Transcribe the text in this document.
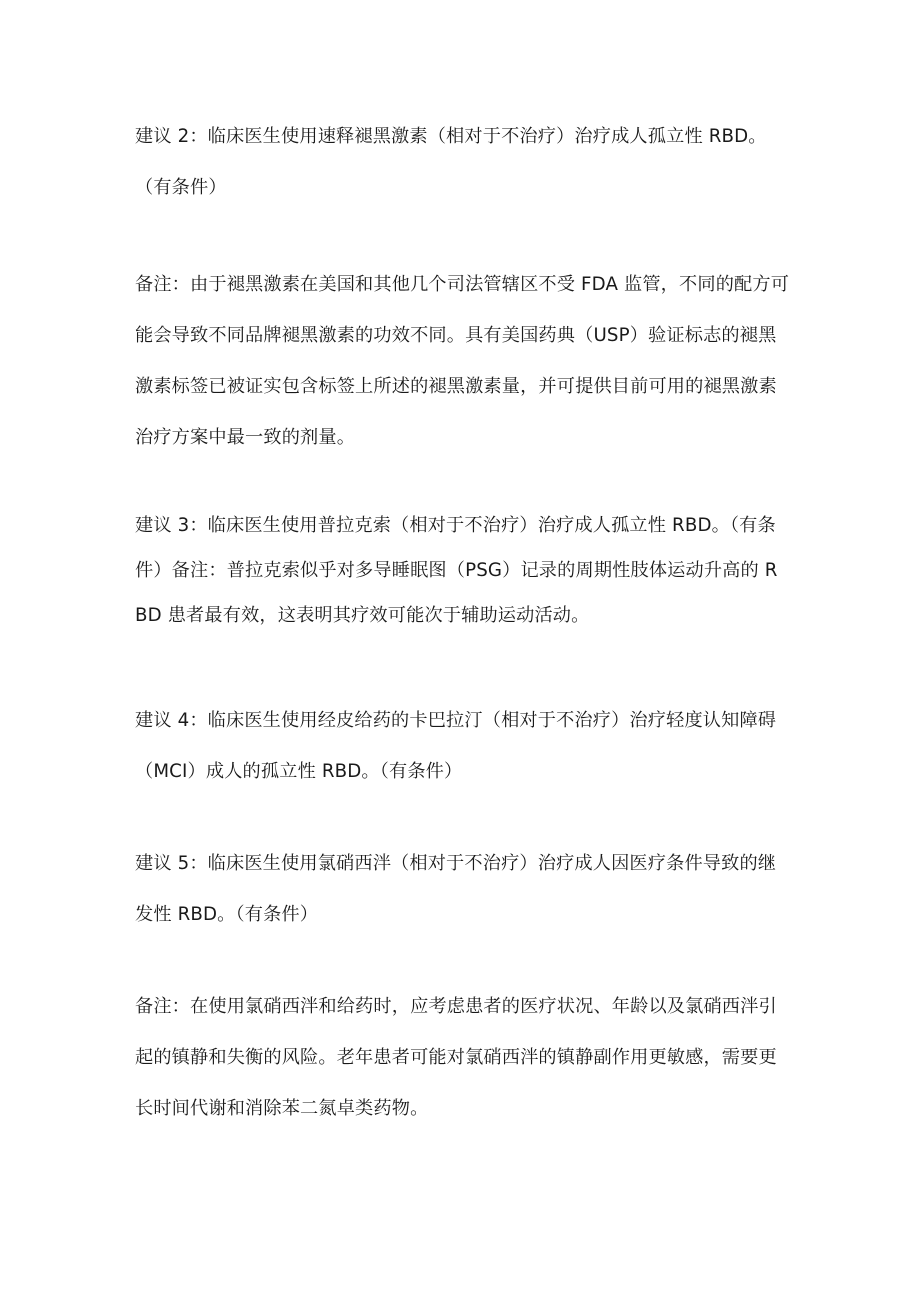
建议 2：临床医生使用速释褪黑激素（相对于不治疗）治疗成人孤立性 RBD。（有条件）

备注：由于褪黑激素在美国和其他几个司法管辖区不受 FDA 监管，不同的配方可能会导致不同品牌褪黑激素的功效不同。具有美国药典（USP）验证标志的褪黑激素标签已被证实包含标签上所述的褪黑激素量，并可提供目前可用的褪黑激素治疗方案中最一致的剂量。

建议 3：临床医生使用普拉克索（相对于不治疗）治疗成人孤立性 RBD。（有条件）备注：普拉克索似乎对多导睡眠图（PSG）记录的周期性肢体运动升高的 RBD 患者最有效，这表明其疗效可能次于辅助运动活动。

建议 4：临床医生使用经皮给药的卡巴拉汀（相对于不治疗）治疗轻度认知障碍（MCI）成人的孤立性 RBD。（有条件）

建议 5：临床医生使用氯硝西泮（相对于不治疗）治疗成人因医疗条件导致的继发性 RBD。（有条件）

备注：在使用氯硝西泮和给药时，应考虑患者的医疗状况、年龄以及氯硝西泮引起的镇静和失衡的风险。老年患者可能对氯硝西泮的镇静副作用更敏感，需要更长时间代谢和消除苯二氮卓类药物。
